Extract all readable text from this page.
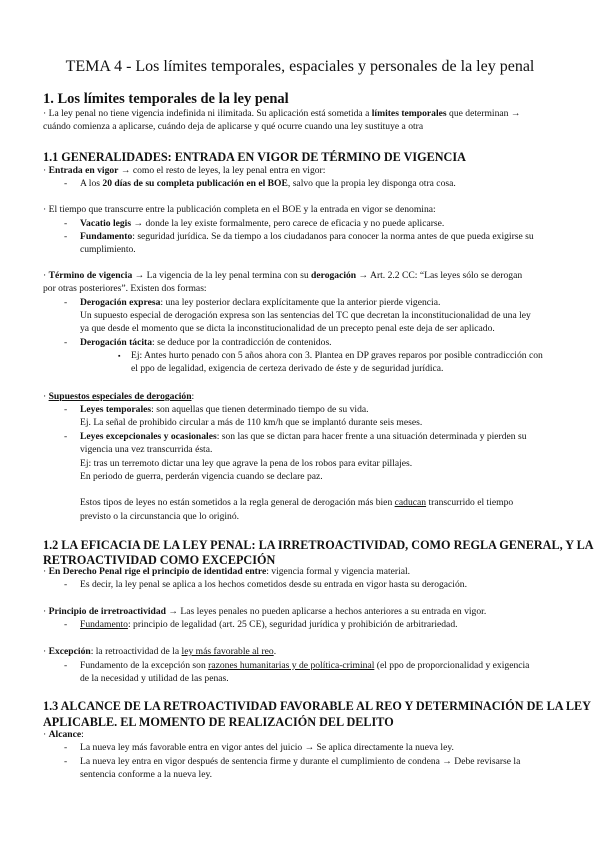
TEMA 4 - Los límites temporales, espaciales y personales de la ley penal
1. Los límites temporales de la ley penal
· La ley penal no tiene vigencia indefinida ni ilimitada. Su aplicación está sometida a límites temporales que determinan →
cuándo comienza a aplicarse, cuándo deja de aplicarse y qué ocurre cuando una ley sustituye a otra
1.1 GENERALIDADES: ENTRADA EN VIGOR DE TÉRMINO DE VIGENCIA
· Entrada en vigor → como el resto de leyes, la ley penal entra en vigor:
- A los 20 días de su completa publicación en el BOE, salvo que la propia ley disponga otra cosa.
· El tiempo que transcurre entre la publicación completa en el BOE y la entrada en vigor se denomina:
- Vacatio legis → donde la ley existe formalmente, pero carece de eficacia y no puede aplicarse.
- Fundamento: seguridad jurídica. Se da tiempo a los ciudadanos para conocer la norma antes de que pueda exigirse su
cumplimiento.
· Término de vigencia → La vigencia de la ley penal termina con su derogación → Art. 2.2 CC: “Las leyes sólo se derogan
por otras posteriores”. Existen dos formas:
- Derogación expresa: una ley posterior declara explícitamente que la anterior pierde vigencia.
Un supuesto especial de derogación expresa son las sentencias del TC que decretan la inconstitucionalidad de una ley
ya que desde el momento que se dicta la inconstitucionalidad de un precepto penal este deja de ser aplicado.
- Derogación tácita: se deduce por la contradicción de contenidos.
▪ Ej: Antes hurto penado con 5 años ahora con 3. Plantea en DP graves reparos por posible contradicción con
el ppo de legalidad, exigencia de certeza derivado de éste y de seguridad jurídica.
· Supuestos especiales de derogación:
- Leyes temporales: son aquellas que tienen determinado tiempo de su vida.
Ej. La señal de prohibido circular a más de 110 km/h que se implantó durante seis meses.
- Leyes excepcionales y ocasionales: son las que se dictan para hacer frente a una situación determinada y pierden su
vigencia una vez transcurrida ésta.
Ej: tras un terremoto dictar una ley que agrave la pena de los robos para evitar pillajes.
En periodo de guerra, perderán vigencia cuando se declare paz.
Estos tipos de leyes no están sometidos a la regla general de derogación más bien caducan transcurrido el tiempo
previsto o la circunstancia que lo originó.
1.2 LA EFICACIA DE LA LEY PENAL: LA IRRETROACTIVIDAD, COMO REGLA GENERAL, Y LA
RETROACTIVIDAD COMO EXCEPCIÓN
· En Derecho Penal rige el principio de identidad entre: vigencia formal y vigencia material.
- Es decir, la ley penal se aplica a los hechos cometidos desde su entrada en vigor hasta su derogación.
· Principio de irretroactividad → Las leyes penales no pueden aplicarse a hechos anteriores a su entrada en vigor.
- Fundamento: principio de legalidad (art. 25 CE), seguridad jurídica y prohibición de arbitrariedad.
· Excepción: la retroactividad de la ley más favorable al reo.
- Fundamento de la excepción son razones humanitarias y de política-criminal (el ppo de proporcionalidad y exigencia
de la necesidad y utilidad de las penas.
1.3 ALCANCE DE LA RETROACTIVIDAD FAVORABLE AL REO Y DETERMINACIÓN DE LA LEY
APLICABLE. EL MOMENTO DE REALIZACIÓN DEL DELITO
· Alcance:
- La nueva ley más favorable entra en vigor antes del juicio → Se aplica directamente la nueva ley.
- La nueva ley entra en vigor después de sentencia firme y durante el cumplimiento de condena → Debe revisarse la
sentencia conforme a la nueva ley.
